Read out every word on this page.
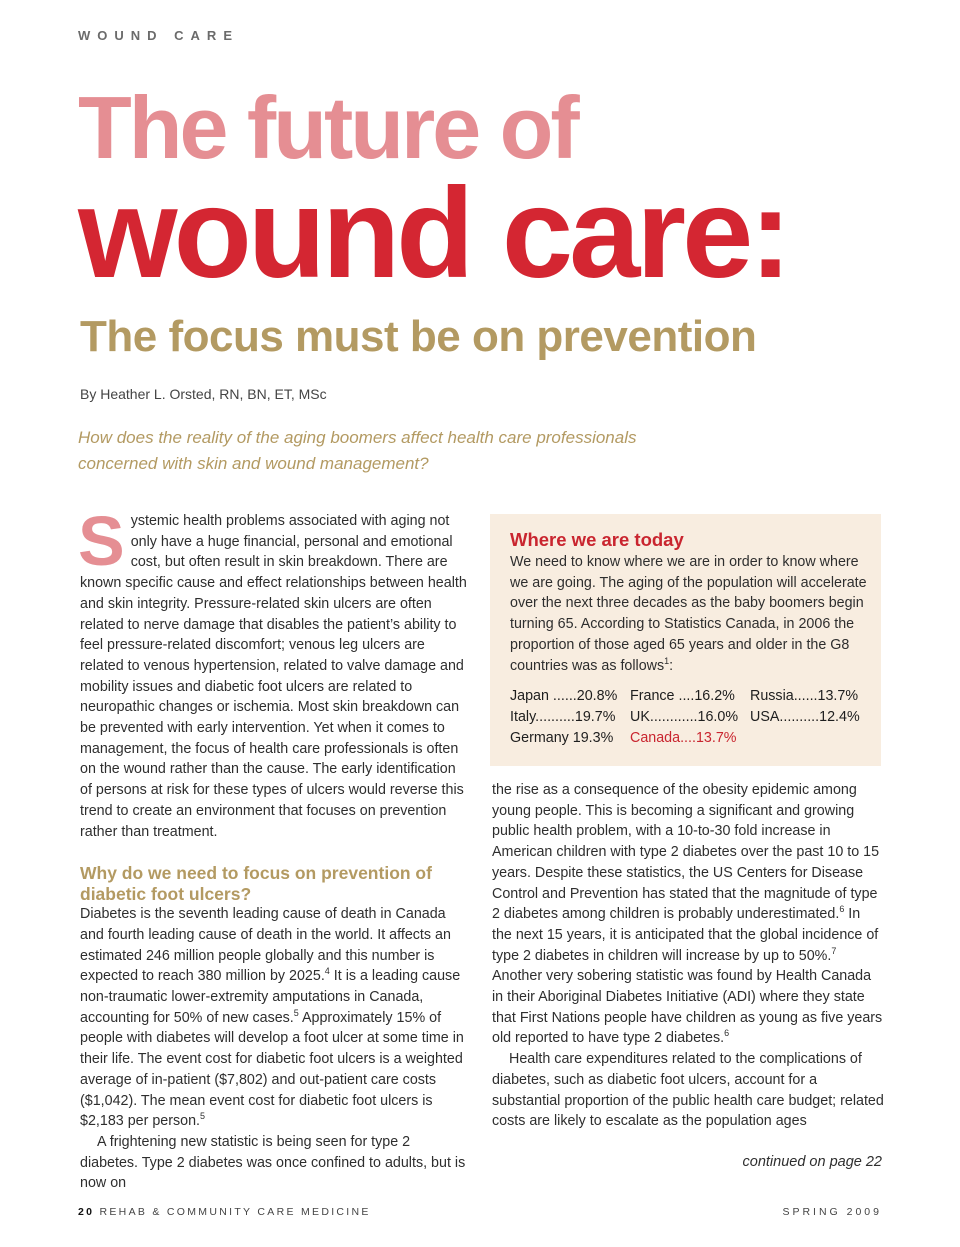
WOUND CARE
The future of
wound care:
The focus must be on prevention
By Heather L. Orsted, RN, BN, ET, MSc
How does the reality of the aging boomers affect health care professionals
concerned with skin and wound management?

Systemic health problems associated with aging not only have a huge financial, personal and emotional cost, but often result in skin breakdown. There are known specific cause and effect relationships between health and skin integrity. Pressure-related skin ulcers are often related to nerve damage that disables the patient’s ability to feel pressure-related discomfort; venous leg ulcers are related to venous hypertension, related to valve damage and mobility issues and diabetic foot ulcers are related to neuropathic changes or ischemia. Most skin breakdown can be prevented with early intervention. Yet when it comes to management, the focus of health care professionals is often on the wound rather than the cause. The early identification of persons at risk for these types of ulcers would reverse this trend to create an environment that focuses on prevention rather than treatment.

Why do we need to focus on prevention of diabetic foot ulcers?

Diabetes is the seventh leading cause of death in Canada and fourth leading cause of death in the world. It affects an estimated 246 million people globally and this number is expected to reach 380 million by 2025.$^4$ It is a leading cause non-traumatic lower-extremity amputations in Canada, accounting for 50% of new cases.$^5$ Approximately 15% of people with diabetes will develop a foot ulcer at some time in their life. The event cost for diabetic foot ulcers is a weighted average of in-patient ($7,802) and out-patient care costs ($1,042). The mean event cost for diabetic foot ulcers is $2,183 per person.$^5$

A frightening new statistic is being seen for type 2 diabetes. Type 2 diabetes was once confined to adults, but is now on

Where we are today

We need to know where we are in order to know where we are going. The aging of the population will accelerate over the next three decades as the baby boomers begin turning 65. According to Statistics Canada, in 2006 the proportion of those aged 65 years and older in the G8 countries was as follows$^1$:

Japan ......20.8% France ....16.2% Russia......13.7%
Italy..........19.7% UK............16.0% USA..........12.4%
Germany 19.3% Canada....13.7%

the rise as a consequence of the obesity epidemic among young people. This is becoming a significant and growing public health problem, with a 10-to-30 fold increase in American children with type 2 diabetes over the past 10 to 15 years. Despite these statistics, the US Centers for Disease Control and Prevention has stated that the magnitude of type 2 diabetes among children is probably underestimated.$^6$ In the next 15 years, it is anticipated that the global incidence of type 2 diabetes in children will increase by up to 50%.$^7$ Another very sobering statistic was found by Health Canada in their Aboriginal Diabetes Initiative (ADI) where they state that First Nations people have children as young as five years old reported to have type 2 diabetes.$^6$

Health care expenditures related to the complications of diabetes, such as diabetic foot ulcers, account for a substantial proportion of the public health care budget; related costs are likely to escalate as the population ages

continued on page 22
20 REHAB & COMMUNITY CARE MEDICINE	SPRING 2009
